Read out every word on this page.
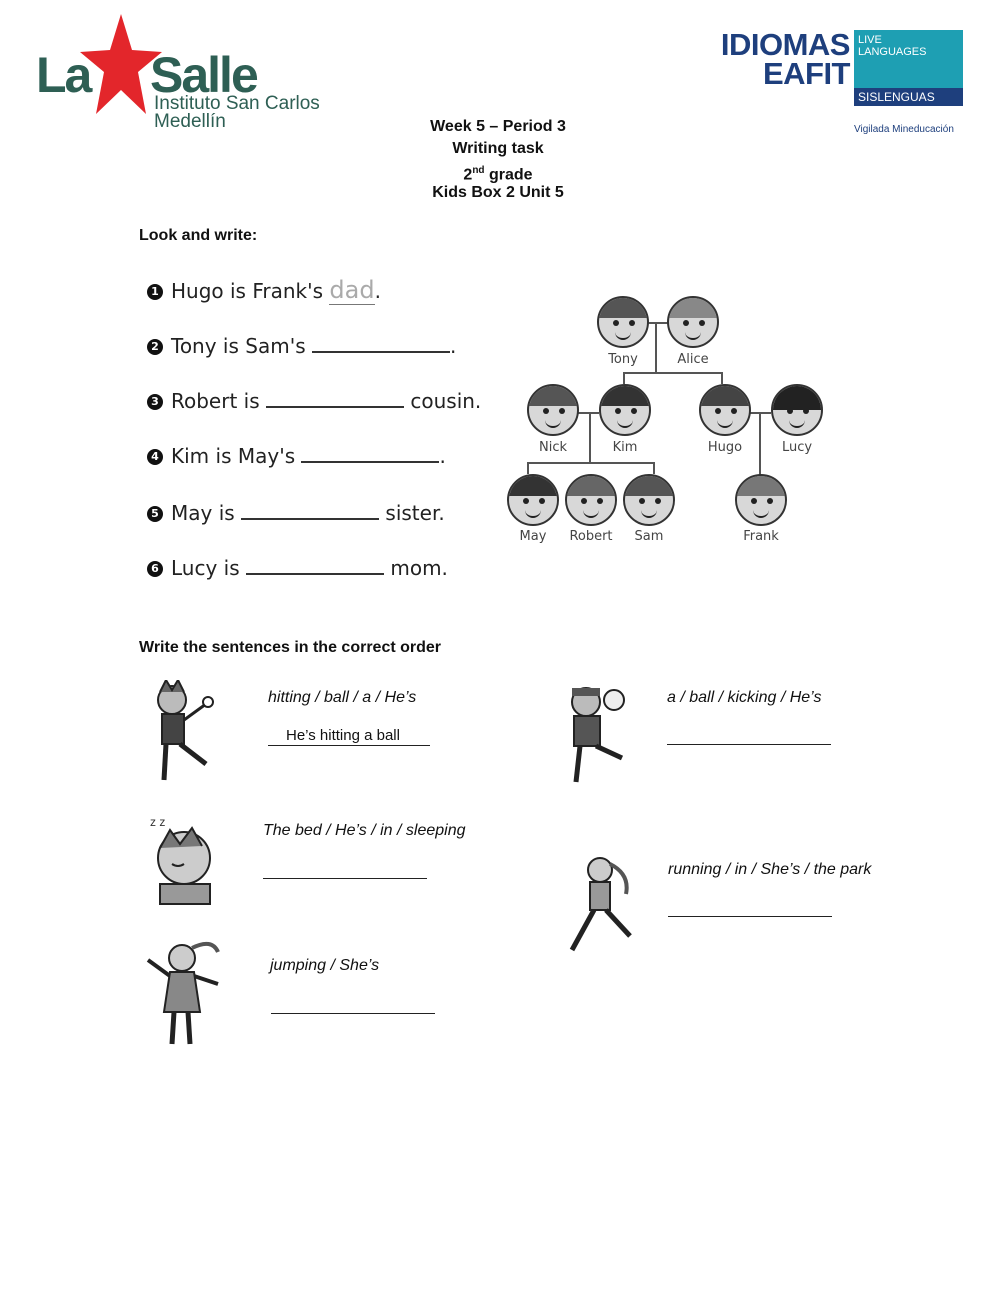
La Salle
Instituto San Carlos
Medellín
IDIOMAS
EAFIT
LIVE
LANGUAGES
SISLENGUAS
Vigilada Mineducación
Week 5 – Period 3
Writing task
2nd grade
Kids Box 2 Unit 5
Look and write:
1 Hugo is Frank's dad.
2 Tony is Sam's	.
3 Robert is	cousin.
4 Kim is May's	.
5 May is	sister.
6 Lucy is	mom.
Tony	Alice
Nick	Kim	Hugo	Lucy
May	Robert	Sam	Frank
Write the sentences in the correct order
z z
hitting / ball / a / He’s
He’s hitting a ball
a / ball / kicking / He’s
The bed / He’s / in / sleeping
running / in / She’s / the park
jumping / She’s
